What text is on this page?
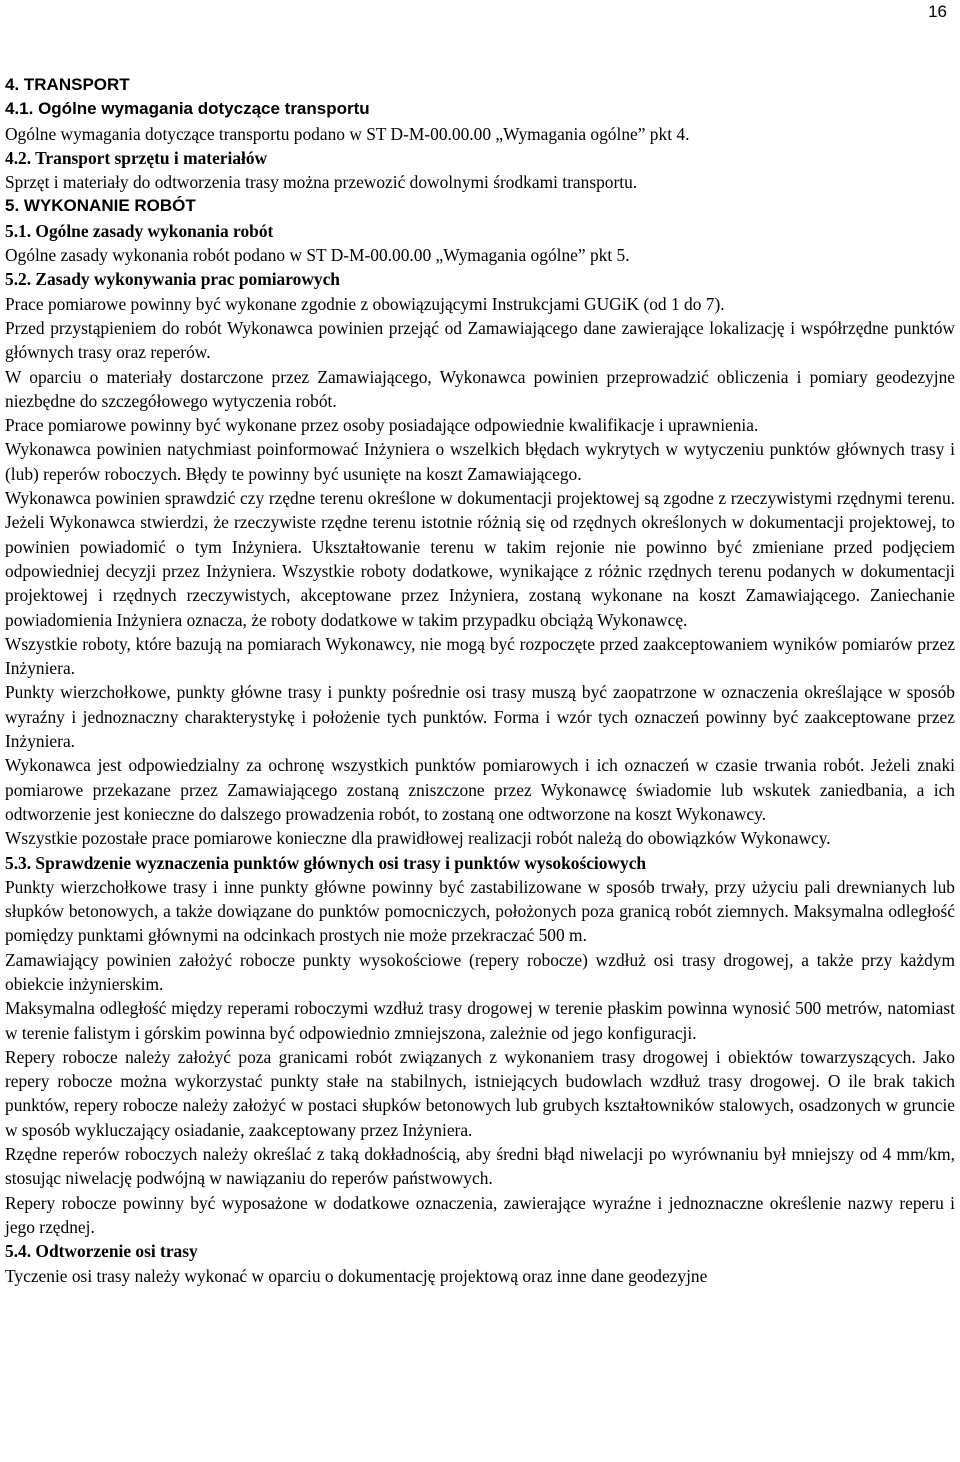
16

4. TRANSPORT

4.1. Ogólne wymagania dotyczące transportu

Ogólne wymagania dotyczące transportu podano w ST D-M-00.00.00 „Wymagania ogólne” pkt 4.

4.2. Transport sprzętu i materiałów

Sprzęt i materiały do odtworzenia trasy można przewozić dowolnymi środkami transportu.

5. WYKONANIE ROBÓT

5.1. Ogólne zasady wykonania robót

Ogólne zasady wykonania robót podano w ST D-M-00.00.00 „Wymagania ogólne” pkt 5.

5.2. Zasady wykonywania prac pomiarowych

Prace pomiarowe powinny być wykonane zgodnie z obowiązującymi Instrukcjami GUGiK (od 1 do 7).

Przed przystąpieniem do robót Wykonawca powinien przejąć od Zamawiającego dane zawierające lokalizację i współrzędne punktów głównych trasy oraz reperów.

W oparciu o materiały dostarczone przez Zamawiającego, Wykonawca powinien przeprowadzić obliczenia i pomiary geodezyjne niezbędne do szczegółowego wytyczenia robót.

Prace pomiarowe powinny być wykonane przez osoby posiadające odpowiednie kwalifikacje i uprawnienia.

Wykonawca powinien natychmiast poinformować Inżyniera o wszelkich błędach wykrytych w wytyczeniu punktów głównych trasy i (lub) reperów roboczych. Błędy te powinny być usunięte na koszt Zamawiającego.

Wykonawca powinien sprawdzić czy rzędne terenu określone w dokumentacji projektowej są zgodne z rzeczywistymi rzędnymi terenu. Jeżeli Wykonawca stwierdzi, że rzeczywiste rzędne terenu istotnie różnią się od rzędnych określonych w dokumentacji projektowej, to powinien powiadomić o tym Inżyniera. Ukształtowanie terenu w takim rejonie nie powinno być zmieniane przed podjęciem odpowiedniej decyzji przez Inżyniera. Wszystkie roboty dodatkowe, wynikające z różnic rzędnych terenu podanych w dokumentacji projektowej i rzędnych rzeczywistych, akceptowane przez Inżyniera, zostaną wykonane na koszt Zamawiającego. Zaniechanie powiadomienia Inżyniera oznacza, że roboty dodatkowe w takim przypadku obciążą Wykonawcę.

Wszystkie roboty, które bazują na pomiarach Wykonawcy, nie mogą być rozpoczęte przed zaakceptowaniem wyników pomiarów przez Inżyniera.

Punkty wierzchołkowe, punkty główne trasy i punkty pośrednie osi trasy muszą być zaopatrzone w oznaczenia określające w sposób wyraźny i jednoznaczny charakterystykę i położenie tych punktów. Forma i wzór tych oznaczeń powinny być zaakceptowane przez Inżyniera.

Wykonawca jest odpowiedzialny za ochronę wszystkich punktów pomiarowych i ich oznaczeń w czasie trwania robót. Jeżeli znaki pomiarowe przekazane przez Zamawiającego zostaną zniszczone przez Wykonawcę świadomie lub wskutek zaniedbania, a ich odtworzenie jest konieczne do dalszego prowadzenia robót, to zostaną one odtworzone na koszt Wykonawcy.

Wszystkie pozostałe prace pomiarowe konieczne dla prawidłowej realizacji robót należą do obowiązków Wykonawcy.

5.3. Sprawdzenie wyznaczenia punktów głównych osi trasy i punktów wysokościowych

Punkty wierzchołkowe trasy i inne punkty główne powinny być zastabilizowane w sposób trwały, przy użyciu pali drewnianych lub słupków betonowych, a także dowiązane do punktów pomocniczych, położonych poza granicą robót ziemnych. Maksymalna odległość pomiędzy punktami głównymi na odcinkach prostych nie może przekraczać 500 m.

Zamawiający powinien założyć robocze punkty wysokościowe (repery robocze) wzdłuż osi trasy drogowej, a także przy każdym obiekcie inżynierskim.

Maksymalna odległość między reperami roboczymi wzdłuż trasy drogowej w terenie płaskim powinna wynosić 500 metrów, natomiast w terenie falistym i górskim powinna być odpowiednio zmniejszona, zależnie od jego konfiguracji.

Repery robocze należy założyć poza granicami robót związanych z wykonaniem trasy drogowej i obiektów towarzyszących. Jako repery robocze można wykorzystać punkty stałe na stabilnych, istniejących budowlach wzdłuż trasy drogowej. O ile brak takich punktów, repery robocze należy założyć w postaci słupków betonowych lub grubych kształtowników stalowych, osadzonych w gruncie w sposób wykluczający osiadanie, zaakceptowany przez Inżyniera.

Rzędne reperów roboczych należy określać z taką dokładnością, aby średni błąd niwelacji po wyrównaniu był mniejszy od 4 mm/km, stosując niwelację podwójną w nawiązaniu do reperów państwowych.

Repery robocze powinny być wyposażone w dodatkowe oznaczenia, zawierające wyraźne i jednoznaczne określenie nazwy reperu i jego rzędnej.

5.4. Odtworzenie osi trasy

Tyczenie osi trasy należy wykonać w oparciu o dokumentację projektową oraz inne dane geodezyjne
